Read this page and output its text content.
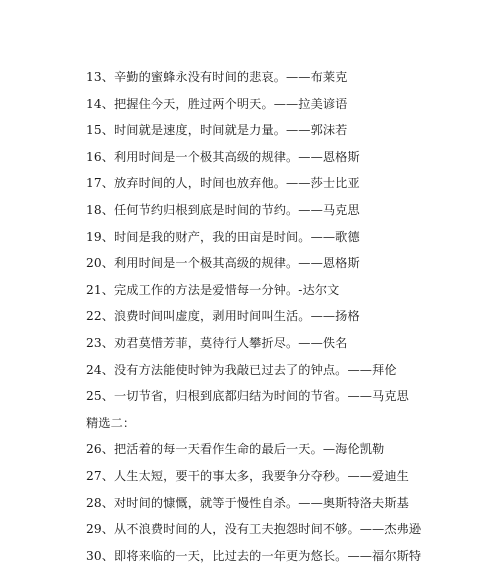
13、辛勤的蜜蜂永没有时间的悲哀。——布莱克
14、把握住今天，胜过两个明天。——拉美谚语
15、时间就是速度，时间就是力量。——郭沫若
16、利用时间是一个极其高级的规律。——恩格斯
17、放弃时间的人，时间也放弃他。——莎士比亚
18、任何节约归根到底是时间的节约。——马克思
19、时间是我的财产，我的田亩是时间。——歌德
20、利用时间是一个极其高级的规律。——恩格斯
21、完成工作的方法是爱惜每一分钟。-达尔文
22、浪费时间叫虚度，剥用时间叫生活。——扬格
23、劝君莫惜芳菲，莫待行人攀折尽。——佚名
24、没有方法能使时钟为我敲已过去了的钟点。——拜伦
25、一切节省，归根到底都归结为时间的节省。——马克思
精选二：
26、把活着的每一天看作生命的最后一天。—海伦凯勒
27、人生太短，要干的事太多，我要争分夺秒。——爱迪生
28、对时间的慷慨，就等于慢性自杀。——奥斯特洛夫斯基
29、从不浪费时间的人，没有工夫抱怨时间不够。——杰弗逊
30、即将来临的一天，比过去的一年更为悠长。——福尔斯特
